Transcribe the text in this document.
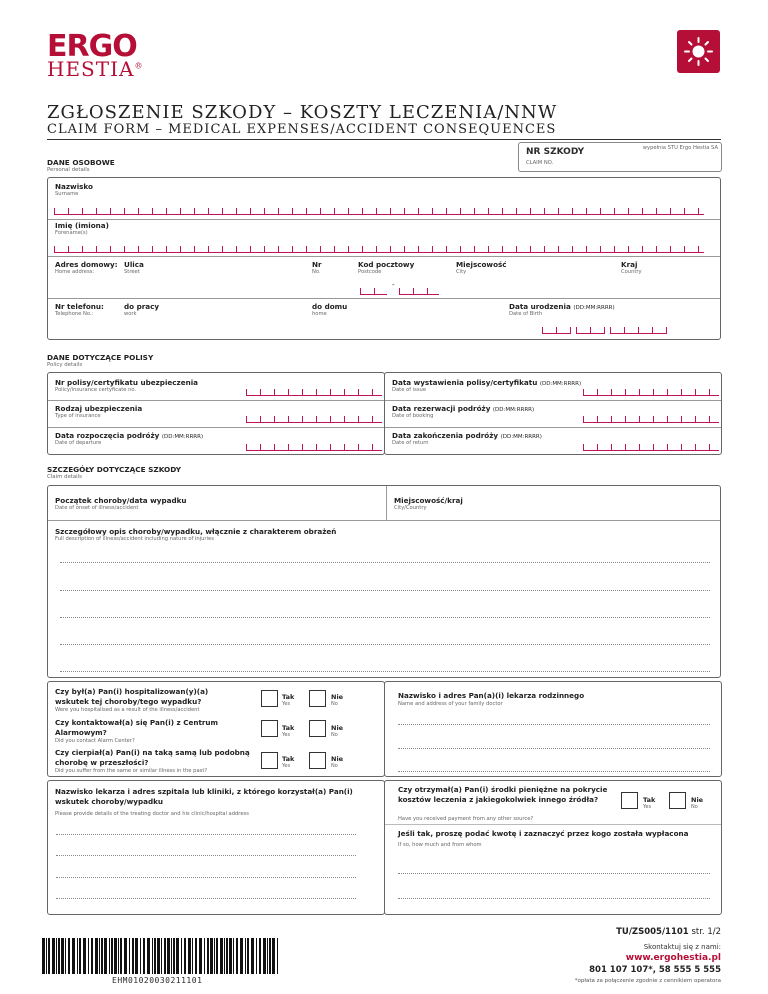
ERGO
HESTIA®
ZGŁOSZENIE SZKODY – KOSZTY LECZENIA/NNW
CLAIM FORM – MEDICAL EXPENSES/ACCIDENT CONSEQUENCES
NR SZKODY
CLAIM NO.
wypełnia STU Ergo Hestia SA
DANE OSOBOWE
Personal details
Nazwisko
Surname
Imię (imiona)
Forename(s)
Adres domowy:
Home address:
Ulica
Street
Nr
No.
Kod pocztowy
Postcode
Miejscowość
City
Kraj
Country
-
Nr telefonu:
Telephone No.:
do pracy
work
do domu
home
Data urodzenia (DD:MM:RRRR)
Date of Birth
DANE DOTYCZĄCE POLISY
Policy details
Nr polisy/certyfikatu ubezpieczenia
Policy/insurance certyficate no.
Rodzaj ubezpieczenia
Type of insurance
Data rozpoczęcia podróży (DD:MM:RRRR)
Date of departure
Data wystawienia polisy/certyfikatu (DD:MM:RRRR)
Date of issue
Data rezerwacji podróży (DD:MM:RRRR)
Date of booking
Data zakończenia podróży (DD:MM:RRRR)
Date of return
SZCZEGÓŁY DOTYCZĄCE SZKODY
Claim details
Początek choroby/data wypadku
Date of onset of illness/accident
Miejscowość/kraj
City/Country
Szczegółowy opis choroby/wypadku, włącznie z charakterem obrażeń
Full description of illness/accident including nature of injuries
Czy był(a) Pan(i) hospitalizowan(y)(a)
wskutek tej choroby/tego wypadku?
Were you hospitalised as a result of the illness/accident
Tak
Yes
Nie
No
Czy kontaktował(a) się Pan(i) z Centrum
Alarmowym?
Did you contact Alarm Center?
Tak
Yes
Nie
No
Czy cierpiał(a) Pan(i) na taką samą lub podobną
chorobę w przeszłości?
Did you suffer from the same or similar illness in the past?
Tak
Yes
Nie
No
Nazwisko i adres Pan(a)(i) lekarza rodzinnego
Name and address of your family doctor
Nazwisko lekarza i adres szpitala lub kliniki, z którego korzystał(a) Pan(i) wskutek choroby/wypadku
Please provide details of the treating doctor and his clinic/hospital address
Czy otrzymał(a) Pan(i) środki pieniężne na pokrycie
kosztów leczenia z jakiegokolwiek innego źródła?
Have you received payment from any other source?
Tak
Yes
Nie
No
Jeśli tak, proszę podać kwotę i zaznaczyć przez kogo została wypłacona
If so, how much and from whom
EHM01020030211101
TU/ZS005/1101 str. 1/2
Skontaktuj się z nami:
www.ergohestia.pl
801 107 107*, 58 555 5 555
*opłata za połączenie zgodnie z cennikiem operatora
